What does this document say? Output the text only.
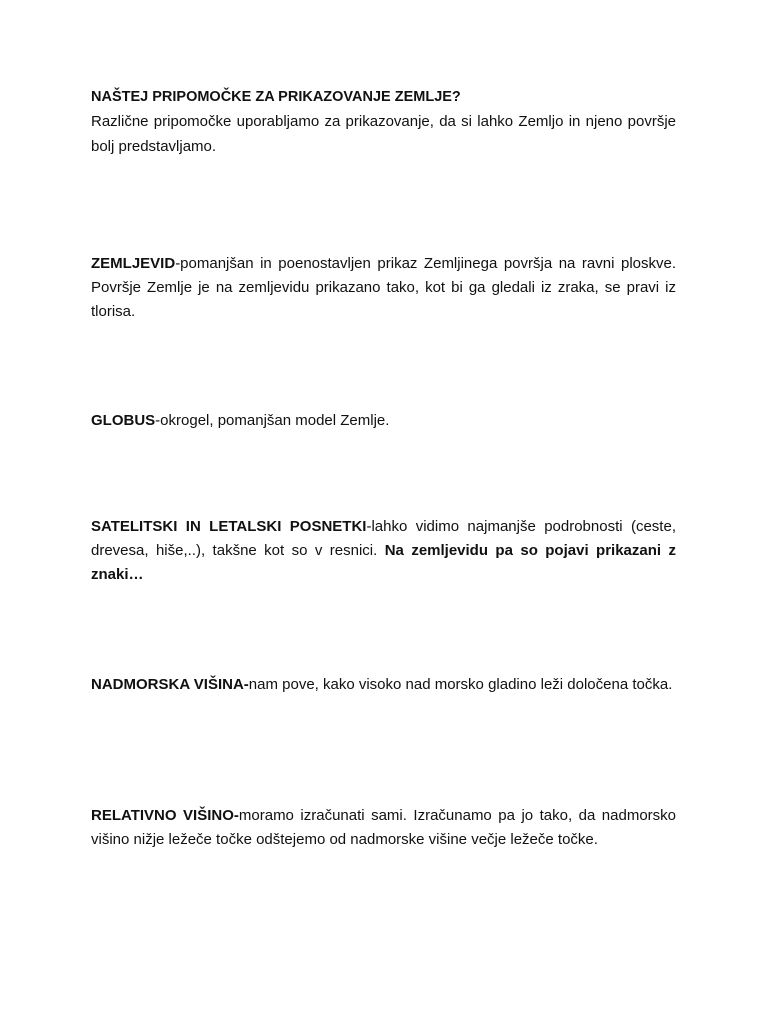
NAŠTEJ PRIPOMOČKE ZA PRIKAZOVANJE ZEMLJE?

Različne pripomočke uporabljamo za prikazovanje, da si lahko Zemljo in njeno površje bolj predstavljamo.

ZEMLJEVID-pomanjšan in poenostavljen prikaz Zemljinega površja na ravni ploskve. Površje Zemlje je na zemljevidu prikazano tako, kot bi ga gledali iz zraka, se pravi iz tlorisa.

GLOBUS-okrogel, pomanjšan model Zemlje.

SATELITSKI IN LETALSKI POSNETKI-lahko vidimo najmanjše podrobnosti (ceste, drevesa, hiše,..), takšne kot so v resnici. Na zemljevidu pa so pojavi prikazani z znaki…

NADMORSKA VIŠINA-nam pove, kako visoko nad morsko gladino leži določena točka.

RELATIVNO VIŠINO-moramo izračunati sami. Izračunamo pa jo tako, da nadmorsko višino nižje ležeče točke odštejemo od nadmorske višine večje ležeče točke.
